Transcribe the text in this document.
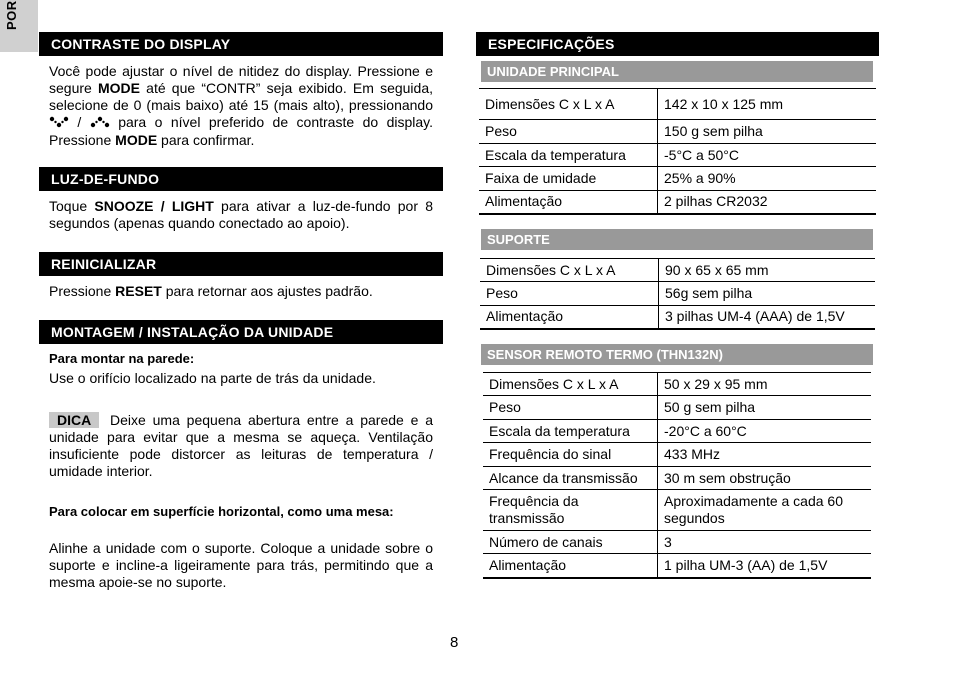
POR
CONTRASTE DO DISPLAY
Você pode ajustar o nível de nitidez do display. Pressione e segure MODE até que “CONTR” seja exibido. Em seguida, selecione de 0 (mais baixo) até 15 (mais alto), pressionando  /  para o nível preferido de contraste do display. Pressione MODE para confirmar.
LUZ-DE-FUNDO
Toque SNOOZE / LIGHT para ativar a luz-de-fundo por 8 segundos (apenas quando conectado ao apoio).
REINICIALIZAR
Pressione RESET para retornar aos ajustes padrão.
MONTAGEM / INSTALAÇÃO DA UNIDADE
Para montar na parede:
Use o orifício localizado na parte de trás da unidade.
DICA Deixe uma pequena abertura entre a parede e a unidade para evitar que a mesma se aqueça. Ventilação insuficiente pode distorcer as leituras de temperatura / umidade interior.
Para colocar em superfície horizontal, como uma mesa:
Alinhe a unidade com o suporte. Coloque a unidade sobre o suporte e incline-a ligeiramente para trás, permitindo que a mesma apoie-se no suporte.
ESPECIFICAÇÕES
UNIDADE PRINCIPAL
Dimensões C x L x A	142 x 10 x 125 mm
Peso	150 g sem pilha
Escala da temperatura	-5°C a 50°C
Faixa de umidade	25% a 90%
Alimentação	2 pilhas CR2032
SUPORTE
Dimensões C x L x A	90 x 65 x 65 mm
Peso	56g sem pilha
Alimentação	3 pilhas UM-4 (AAA) de 1,5V
SENSOR REMOTO TERMO (THN132N)
Dimensões C x L x A	50 x 29 x 95 mm
Peso	50 g sem pilha
Escala da temperatura	-20°C a 60°C
Frequência do sinal	433 MHz
Alcance da transmissão	30 m sem obstrução
Frequência da transmissão	Aproximadamente a cada 60 segundos
Número de canais	3
Alimentação	1 pilha UM-3 (AA) de 1,5V
8
